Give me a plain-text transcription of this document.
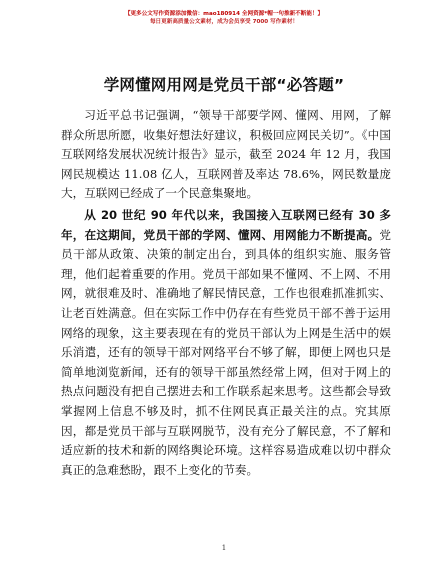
【更多公文写作资源添加微信：mao180914 全网资源*帽一句推新不断能！】
每日更新高质量公文素材，成为会员享受 7000 写作素材！
学网懂网用网是党员干部“必答题”

习近平总书记强调，“领导干部要学网、懂网、用网，了解群众所思所愿，收集好想法好建议，积极回应网民关切”。《中国互联网络发展状况统计报告》显示，截至 2024 年 12 月，我国网民规模达 11.08 亿人，互联网普及率达 78.6%，网民数量庞大，互联网已经成了一个民意集聚地。

从 20 世纪 90 年代以来，我国接入互联网已经有 30 多年，在这期间，党员干部的学网、懂网、用网能力不断提高。党员干部从政策、决策的制定出台，到具体的组织实施、服务管理，他们起着重要的作用。党员干部如果不懂网、不上网、不用网，就很难及时、准确地了解民情民意，工作也很难抓准抓实、让老百姓满意。但在实际工作中仍存在有些党员干部不善于运用网络的现象，这主要表现在有的党员干部认为上网是生活中的娱乐消遣，还有的领导干部对网络平台不够了解，即便上网也只是简单地浏览新闻，还有的领导干部虽然经常上网，但对于网上的热点问题没有把自己摆进去和工作联系起来思考。这些都会导致掌握网上信息不够及时，抓不住网民真正最关注的点。究其原因，都是党员干部与互联网脱节，没有充分了解民意，不了解和适应新的技术和新的网络舆论环境。这样容易造成难以切中群众真正的急难愁盼，跟不上变化的节奏。

1
